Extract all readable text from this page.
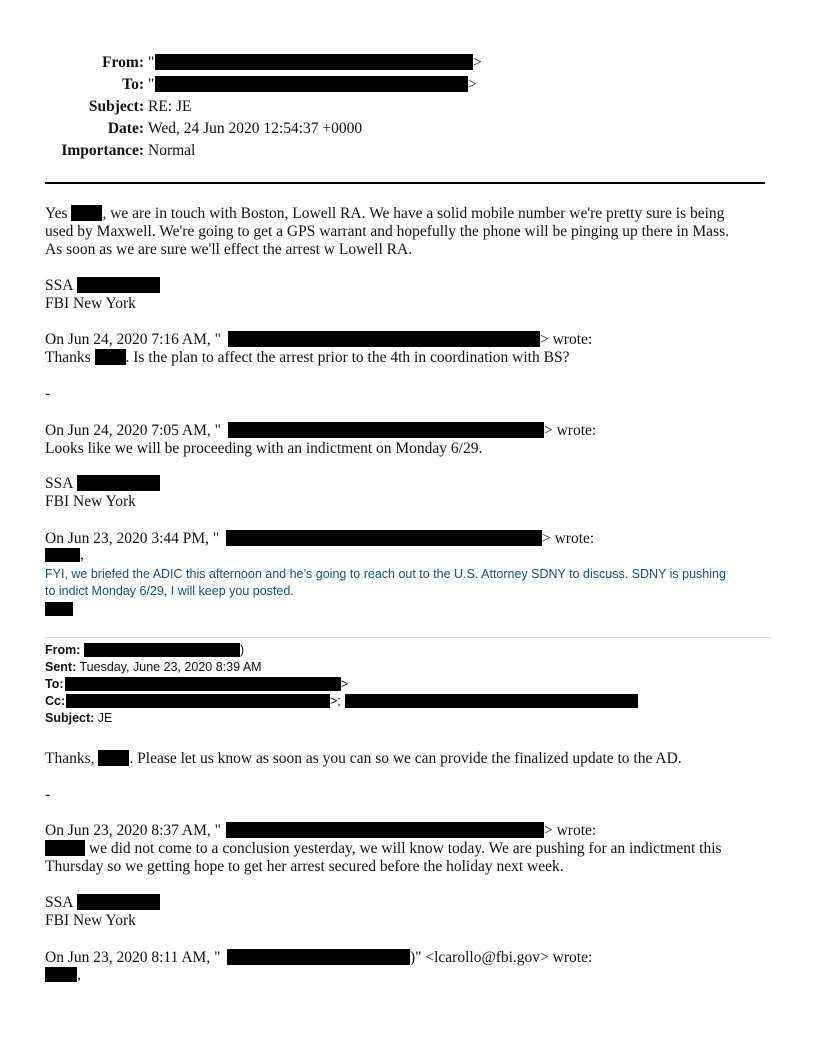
From: "	>
To: "	>
Subject: RE: JE
Date: Wed, 24 Jun 2020 12:54:37 +0000
Importance: Normal
Yes , we are in touch with Boston, Lowell RA. We have a solid mobile number we're pretty sure is being
used by Maxwell. We're going to get a GPS warrant and hopefully the phone will be pinging up there in Mass.
As soon as we are sure we'll effect the arrest w Lowell RA.
SSA
FBI New York
On Jun 24, 2020 7:16 AM, "	> wrote:
Thanks . Is the plan to affect the arrest prior to the 4th in coordination with BS?
-
On Jun 24, 2020 7:05 AM, "	> wrote:
Looks like we will be proceeding with an indictment on Monday 6/29.
SSA
FBI New York
On Jun 23, 2020 3:44 PM, "	> wrote:
,
FYI, we briefed the ADIC this afternoon and he’s going to reach out to the U.S. Attorney SDNY to discuss. SDNY is pushing
to indict Monday 6/29, I will keep you posted.
From:	)
Sent: Tuesday, June 23, 2020 8:39 AM
To:	>
Cc:	>;
Subject: JE
Thanks, . Please let us know as soon as you can so we can provide the finalized update to the AD.
-
On Jun 23, 2020 8:37 AM, "	> wrote:
we did not come to a conclusion yesterday, we will know today. We are pushing for an indictment this
Thursday so we getting hope to get her arrest secured before the holiday next week.
SSA
FBI New York
On Jun 23, 2020 8:11 AM, "	)" <lcarollo@fbi.gov> wrote:
,
